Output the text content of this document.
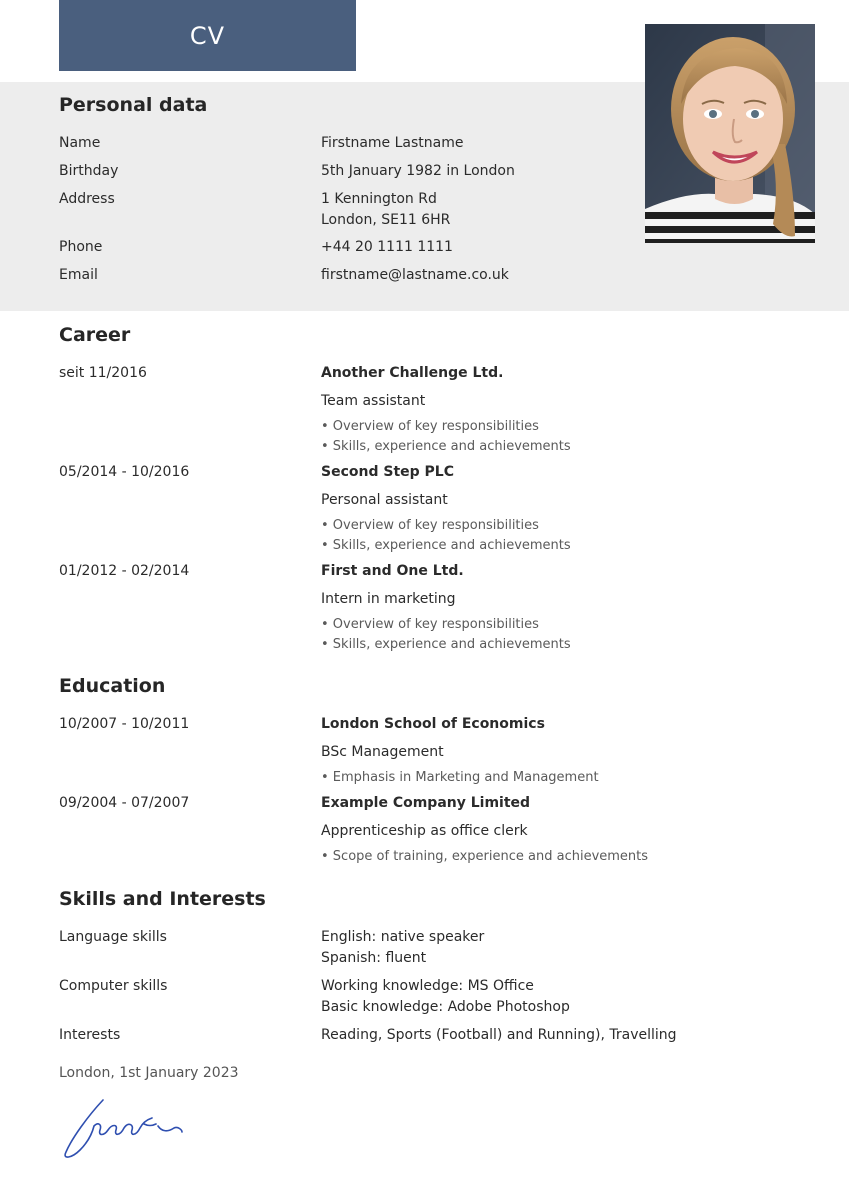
CV
Personal data
Name	Firstname Lastname
Birthday	5th January 1982 in London
Address	1 Kennington Rd
London, SE11 6HR
Phone	+44 20 1111 1111
Email	firstname@lastname.co.uk
Career
seit 11/2016	Another Challenge Ltd.
Team assistant
• Overview of key responsibilities
• Skills, experience and achievements
05/2014 - 10/2016	Second Step PLC
Personal assistant
• Overview of key responsibilities
• Skills, experience and achievements
01/2012 - 02/2014	First and One Ltd.
Intern in marketing
• Overview of key responsibilities
• Skills, experience and achievements
Education
10/2007 - 10/2011	London School of Economics
BSc Management
• Emphasis in Marketing and Management
09/2004 - 07/2007	Example Company Limited
Apprenticeship as office clerk
• Scope of training, experience and achievements
Skills and Interests
Language skills	English: native speaker
Spanish: fluent
Computer skills	Working knowledge: MS Office
Basic knowledge: Adobe Photoshop
Interests	Reading, Sports (Football) and Running), Travelling
London, 1st January 2023
